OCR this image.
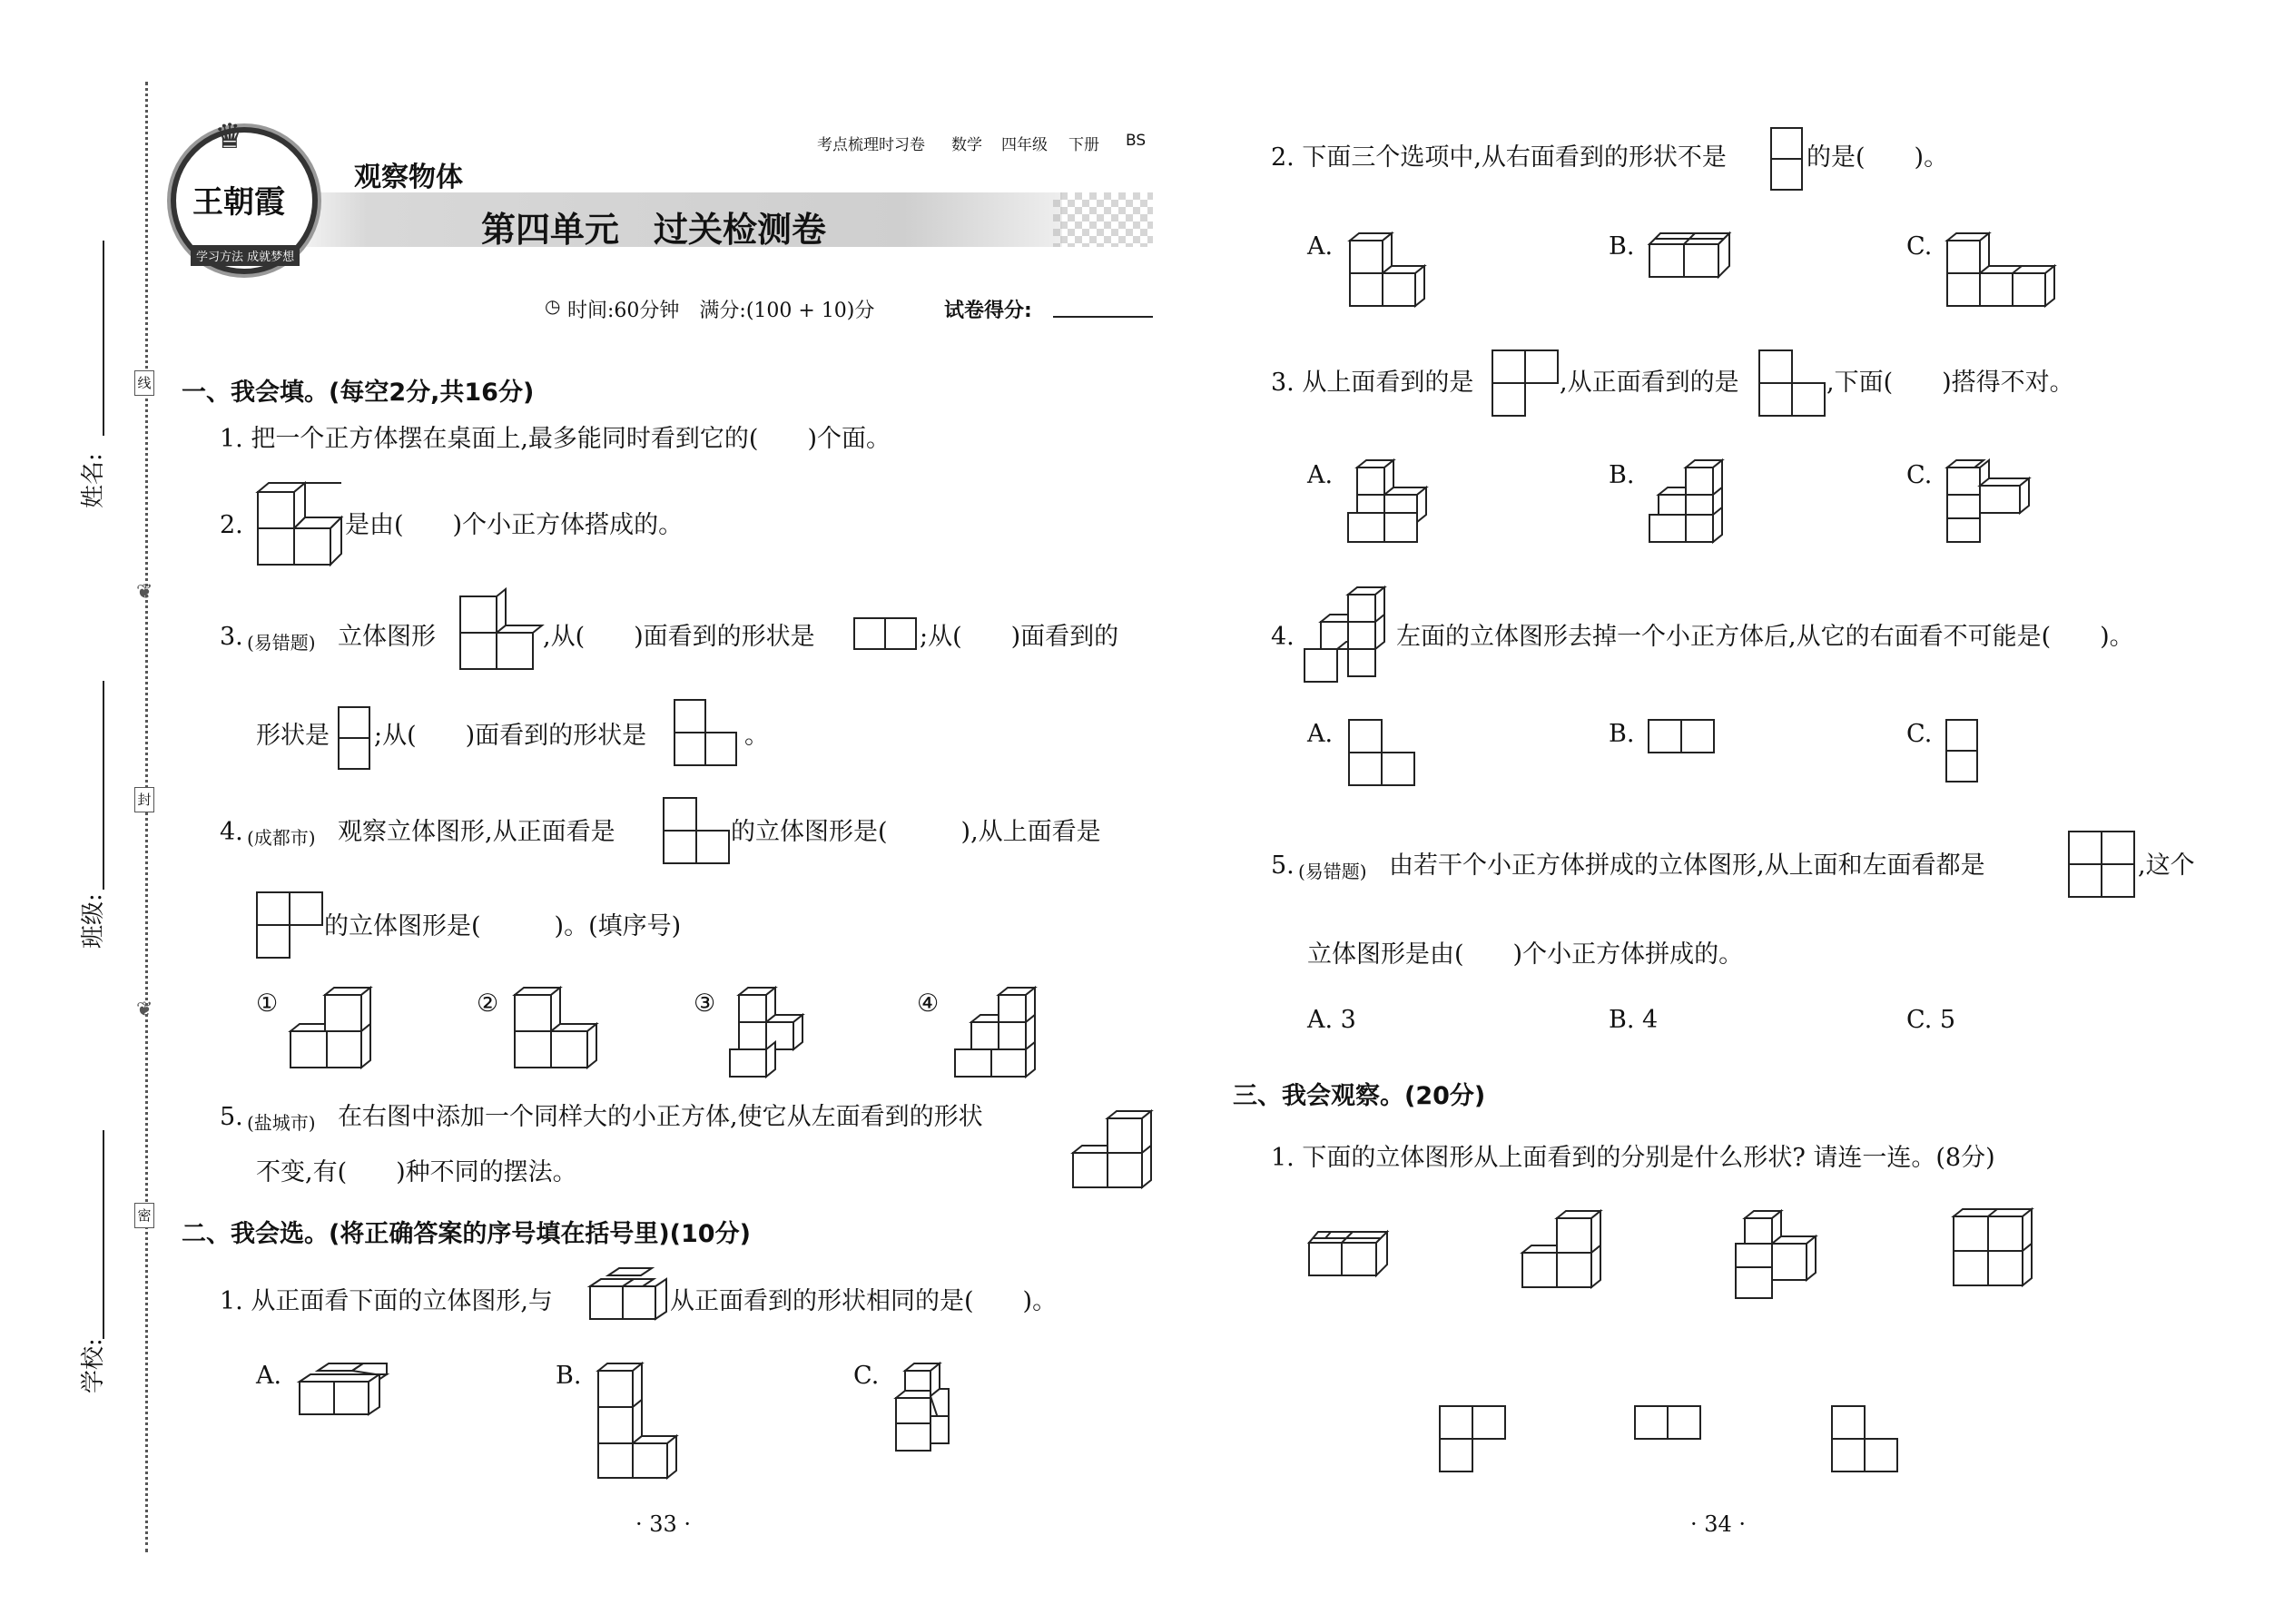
姓名:
班级:
学校:
线
封
密
❦
❦
♛
王朝霞
学习方法 成就梦想
考点梳理时习卷 数学 四年级 下册 BS
观察物体
第四单元　过关检测卷
◷ 时间:60分钟　满分:(100 + 10)分	试卷得分:
一、我会填。(每空2分,共16分)
1. 把一个正方体摆在桌面上,最多能同时看到它的(　　)个面。
2.	是由(　　)个小正方体搭成的。
3. (易错题) 立体图形	,从(　　)面看到的形状是	;从(　　)面看到的
形状是 ;从(　　)面看到的形状是	。
4. (成都市) 观察立体图形,从正面看是	的立体图形是(　　　),从上面看是
的立体图形是(　　　)。(填序号)
①	②	③	④
5. (盐城市) 在右图中添加一个同样大的小正方体,使它从左面看到的形状
不变,有(　　)种不同的摆法。
二、我会选。(将正确答案的序号填在括号里)(10分)
1. 从正面看下面的立体图形,与	从正面看到的形状相同的是(　　)。
A.	B.	C.
2. 下面三个选项中,从右面看到的形状不是	的是(　　)。
A.	B.	C.
3. 从上面看到的是	,从正面看到的是	,下面(　　)搭得不对。
A.	B.	C.
4.	左面的立体图形去掉一个小正方体后,从它的右面看不可能是(　　)。
A.	B.	C.
5. (易错题) 由若干个小正方体拼成的立体图形,从上面和左面看都是	,这个
立体图形是由(　　)个小正方体拼成的。
A. 3	B. 4	C. 5
三、我会观察。(20分)
1. 下面的立体图形从上面看到的分别是什么形状? 请连一连。(8分)
· 33 ·	· 34 ·
